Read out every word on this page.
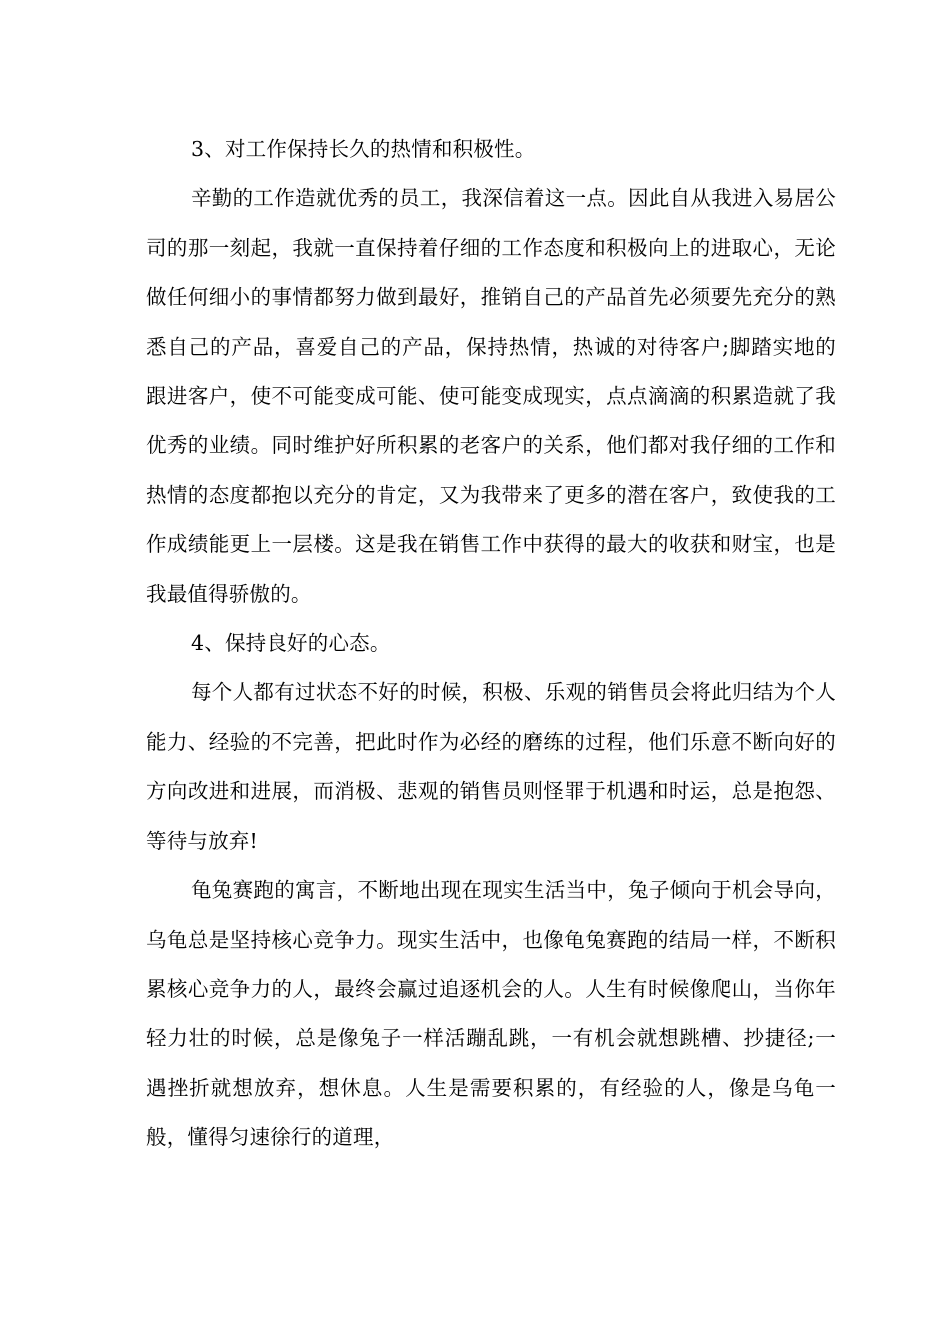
3、对工作保持长久的热情和积极性。

辛勤的工作造就优秀的员工，我深信着这一点。因此自从我进入易居公司的那一刻起，我就一直保持着仔细的工作态度和积极向上的进取心，无论做任何细小的事情都努力做到最好，推销自己的产品首先必须要先充分的熟悉自己的产品，喜爱自己的产品，保持热情，热诚的对待客户;脚踏实地的跟进客户，使不可能变成可能、使可能变成现实，点点滴滴的积累造就了我优秀的业绩。同时维护好所积累的老客户的关系，他们都对我仔细的工作和热情的态度都抱以充分的肯定，又为我带来了更多的潜在客户，致使我的工作成绩能更上一层楼。这是我在销售工作中获得的最大的收获和财宝，也是我最值得骄傲的。

4、保持良好的心态。

每个人都有过状态不好的时候，积极、乐观的销售员会将此归结为个人能力、经验的不完善，把此时作为必经的磨练的过程，他们乐意不断向好的方向改进和进展，而消极、悲观的销售员则怪罪于机遇和时运，总是抱怨、等待与放弃!

龟兔赛跑的寓言，不断地出现在现实生活当中，兔子倾向于机会导向，乌龟总是坚持核心竞争力。现实生活中，也像龟兔赛跑的结局一样，不断积累核心竞争力的人，最终会赢过追逐机会的人。人生有时候像爬山，当你年轻力壮的时候，总是像兔子一样活蹦乱跳，一有机会就想跳槽、抄捷径;一遇挫折就想放弃，想休息。人生是需要积累的，有经验的人，像是乌龟一般，懂得匀速徐行的道理，
